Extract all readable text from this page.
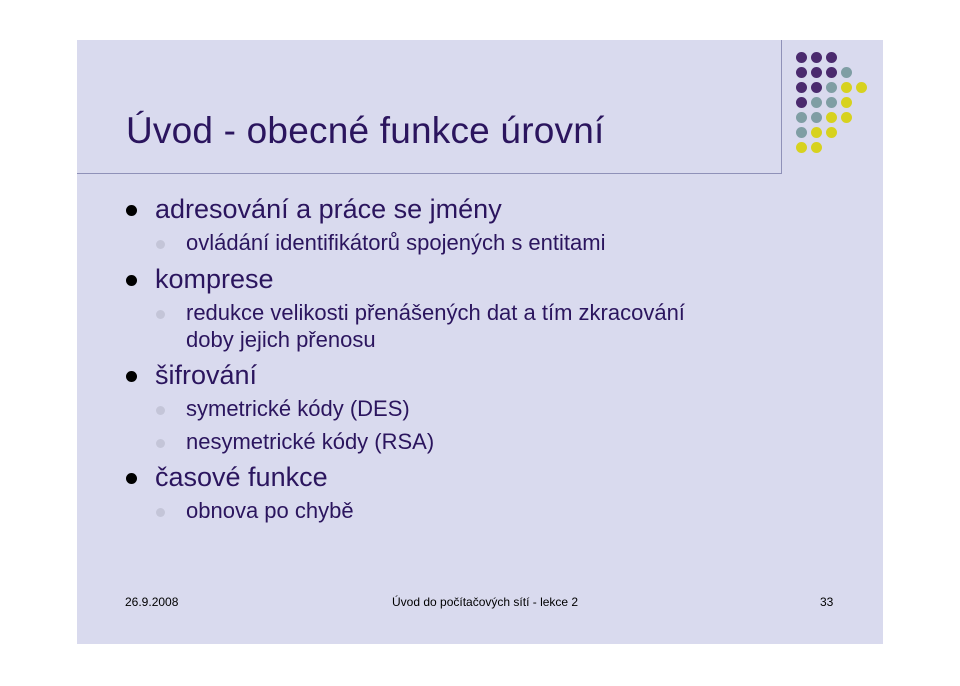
Úvod - obecné funkce úrovní
adresování a práce se jmény
ovládání identifikátorů spojených s entitami
komprese
redukce velikosti přenášených dat a tím zkracování
doby jejich přenosu
šifrování
symetrické kódy (DES)
nesymetrické kódy (RSA)
časové funkce
obnova po chybě
26.9.2008	Úvod do počítačových sítí - lekce 2	33
